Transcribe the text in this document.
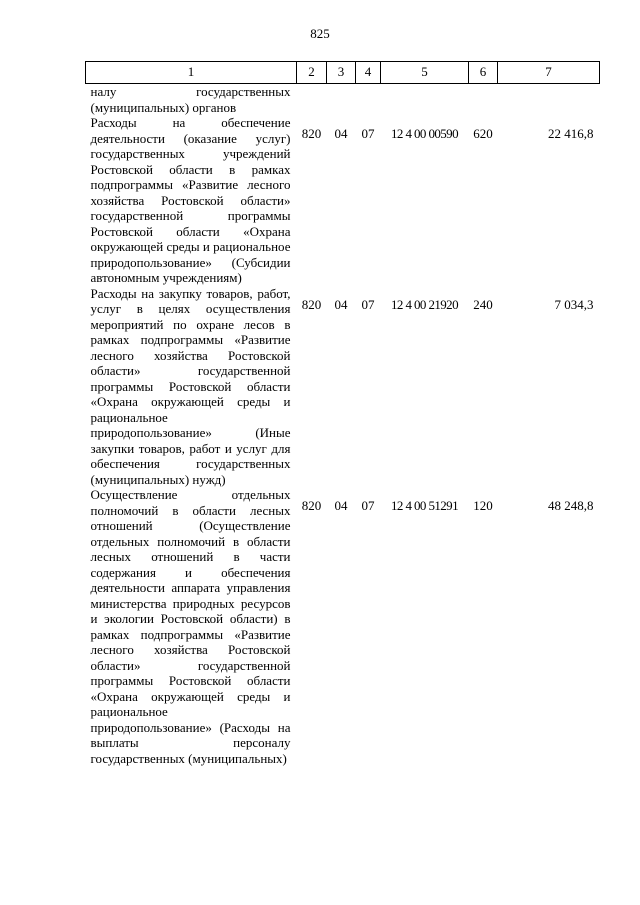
825
1	2	3	4	5	6	7
налу государственных (муниципальных) органов						
Расходы на обеспечение деятельности (оказание услуг) государственных учреждений Ростовской области в рамках подпрограммы «Развитие лесного хозяйства Ростовской области» государственной программы Ростовской области «Охрана окружающей среды и рациональное природопользование» (Субсидии автономным учреждениям)	820	04	07	12 4 00 00590	620	22 416,8
Расходы на закупку товаров, работ, услуг в целях осуществления мероприятий по охране лесов в рамках подпрограммы «Развитие лесного хозяйства Ростовской области» государственной программы Ростовской области «Охрана окружающей среды и рациональное природопользование» (Иные закупки товаров, работ и услуг для обеспечения государственных (муниципальных) нужд)	820	04	07	12 4 00 21920	240	7 034,3
Осуществление отдельных полномочий в области лесных отношений (Осуществление отдельных полномочий в области лесных отношений в части содержания и обеспечения деятельности аппарата управления министерства природных ресурсов и экологии Ростовской области) в рамках подпрограммы «Развитие лесного хозяйства Ростовской области» государственной программы Ростовской области «Охрана окружающей среды и рациональное природопользование» (Расходы на выплаты персоналу государственных (муниципальных)	820	04	07	12 4 00 51291	120	48 248,8
